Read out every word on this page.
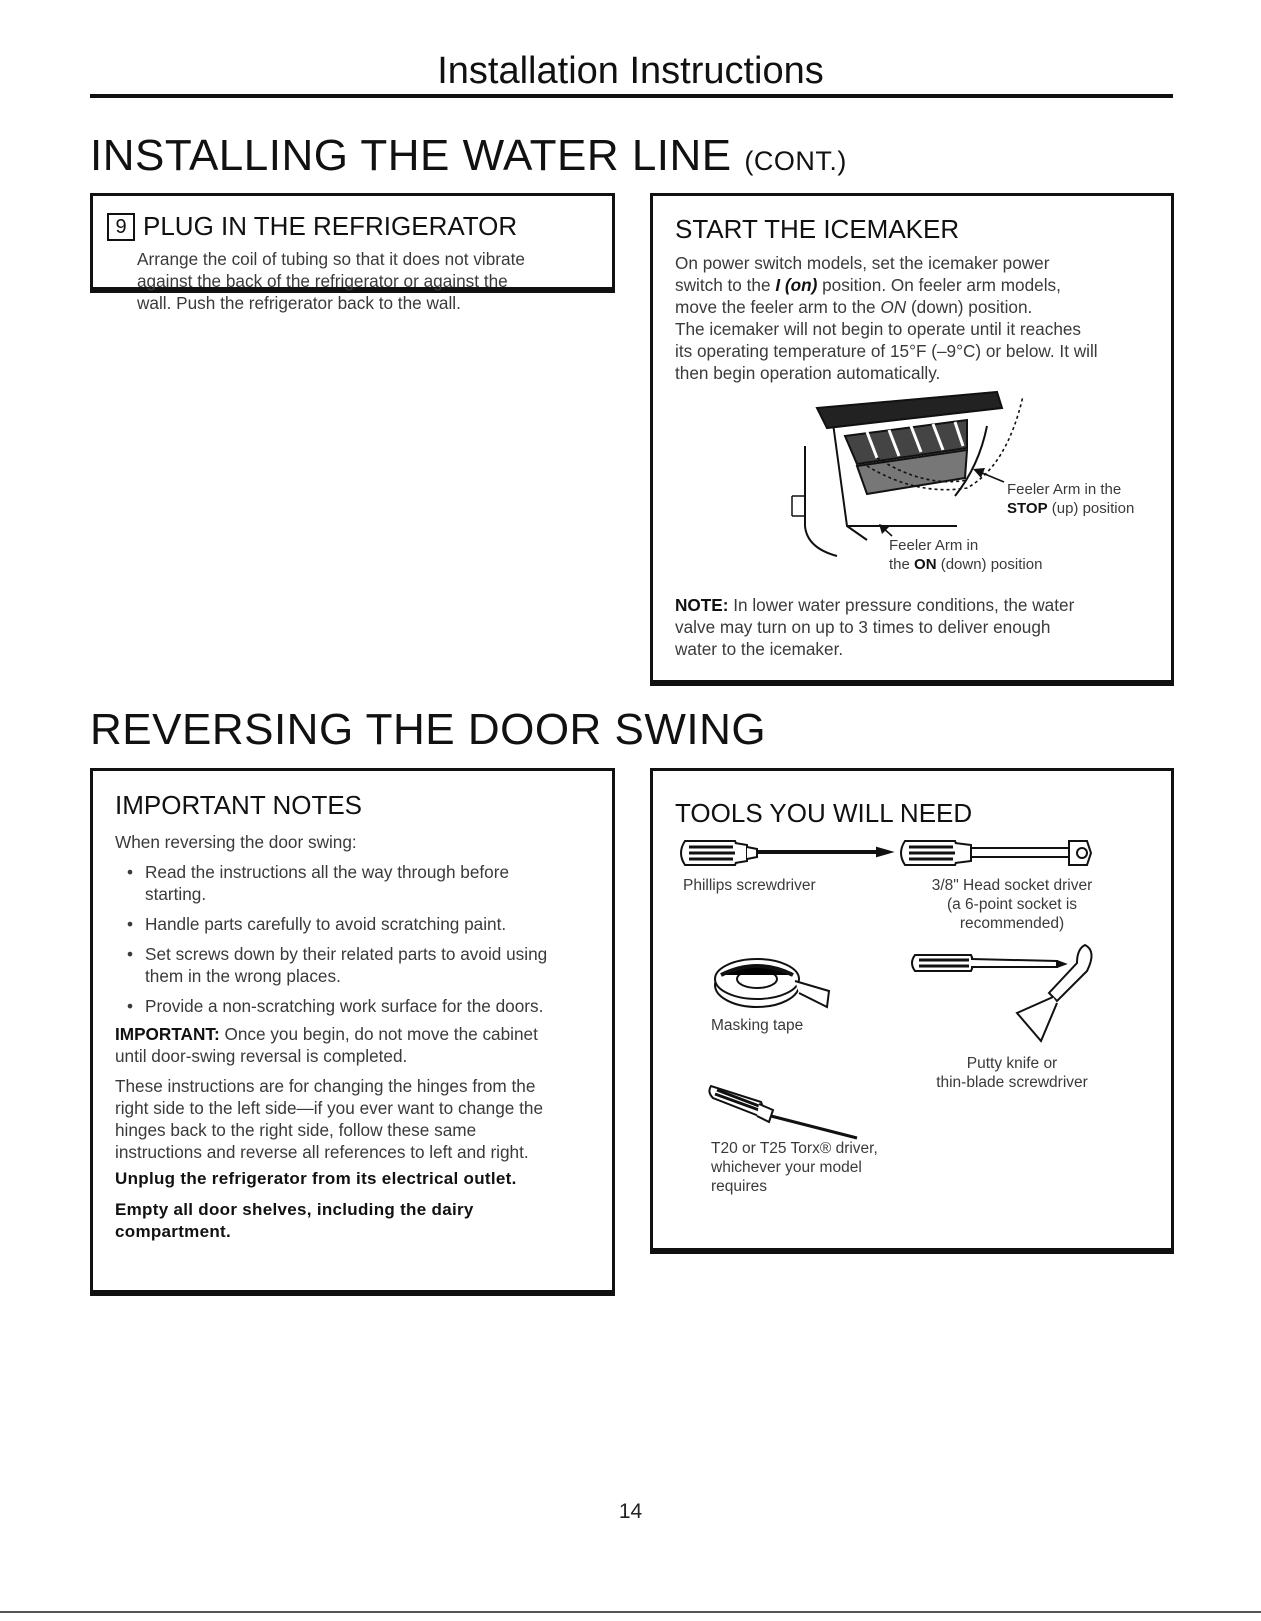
Installation Instructions
INSTALLING THE WATER LINE (CONT.)
9 PLUG IN THE REFRIGERATOR

Arrange the coil of tubing so that it does not vibrate

against the back of the refrigerator or against the

wall. Push the refrigerator back to the wall.

START THE ICEMAKER

On power switch models, set the icemaker power

switch to the I (on) position. On feeler arm models,

move the feeler arm to the ON (down) position.

The icemaker will not begin to operate until it reaches

its operating temperature of 15°F (–9°C) or below. It will

then begin operation automatically.

Feeler Arm in the
STOP (up) position
Feeler Arm in
the ON (down) position

NOTE: In lower water pressure conditions, the water

valve may turn on up to 3 times to deliver enough

water to the icemaker.

REVERSING THE DOOR SWING
IMPORTANT NOTES

When reversing the door swing:

• Read the instructions all the way through before
starting.
• Handle parts carefully to avoid scratching paint.
• Set screws down by their related parts to avoid using
them in the wrong places.
• Provide a non-scratching work surface for the doors.

IMPORTANT: Once you begin, do not move the cabinet

until door-swing reversal is completed.

These instructions are for changing the hinges from the

right side to the left side—if you ever want to change the

hinges back to the right side, follow these same

instructions and reverse all references to left and right.

Unplug the refrigerator from its electrical outlet.

Empty all door shelves, including the dairy

compartment.

TOOLS YOU WILL NEED
Phillips screwdriver	3/8" Head socket driver
(a 6-point socket is
recommended)
Masking tape
Putty knife or
thin-blade screwdriver
T20 or T25 Torx® driver,
whichever your model
requires
14
